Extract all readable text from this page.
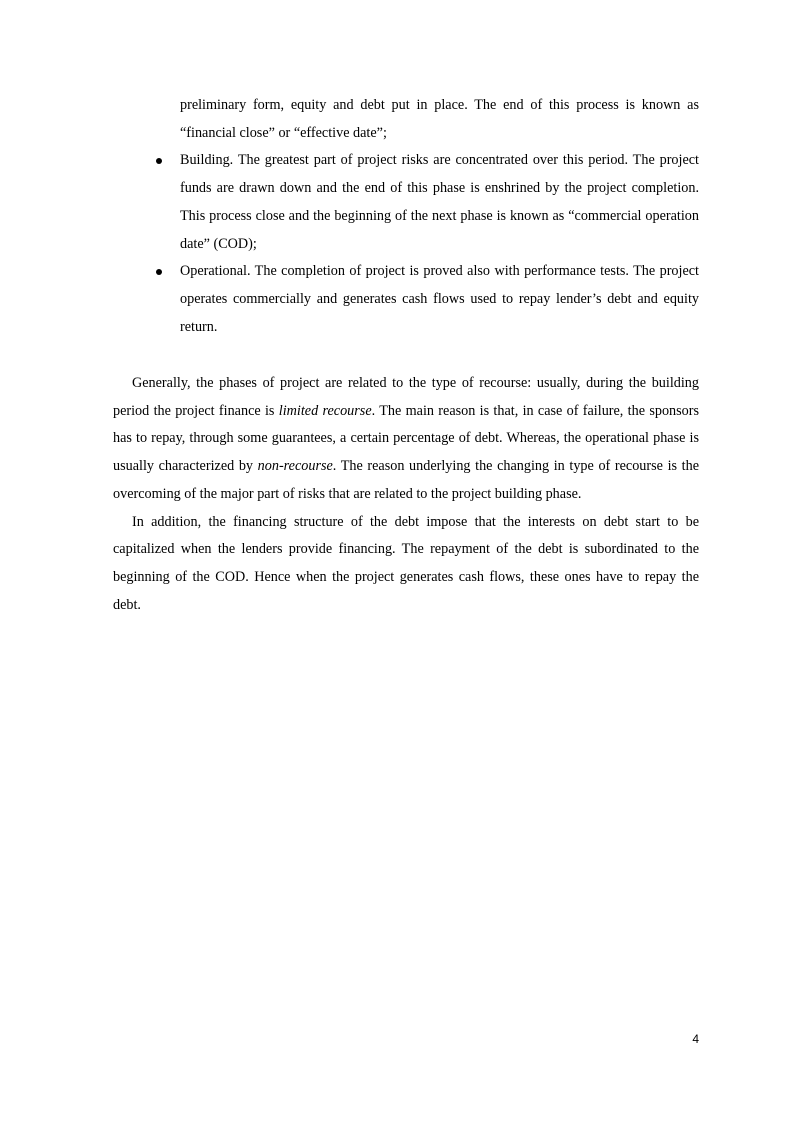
preliminary form, equity and debt put in place. The end of this process is known as “financial close” or “effective date”;
Building. The greatest part of project risks are concentrated over this period. The project funds are drawn down and the end of this phase is enshrined by the project completion. This process close and the beginning of the next phase is known as “commercial operation date” (COD);
Operational. The completion of project is proved also with performance tests. The project operates commercially and generates cash flows used to repay lender’s debt and equity return.

Generally, the phases of project are related to the type of recourse: usually, during the building period the project finance is limited recourse. The main reason is that, in case of failure, the sponsors has to repay, through some guarantees, a certain percentage of debt. Whereas, the operational phase is usually characterized by non-recourse. The reason underlying the changing in type of recourse is the overcoming of the major part of risks that are related to the project building phase.

In addition, the financing structure of the debt impose that the interests on debt start to be capitalized when the lenders provide financing. The repayment of the debt is subordinated to the beginning of the COD. Hence when the project generates cash flows, these ones have to repay the debt.

4
